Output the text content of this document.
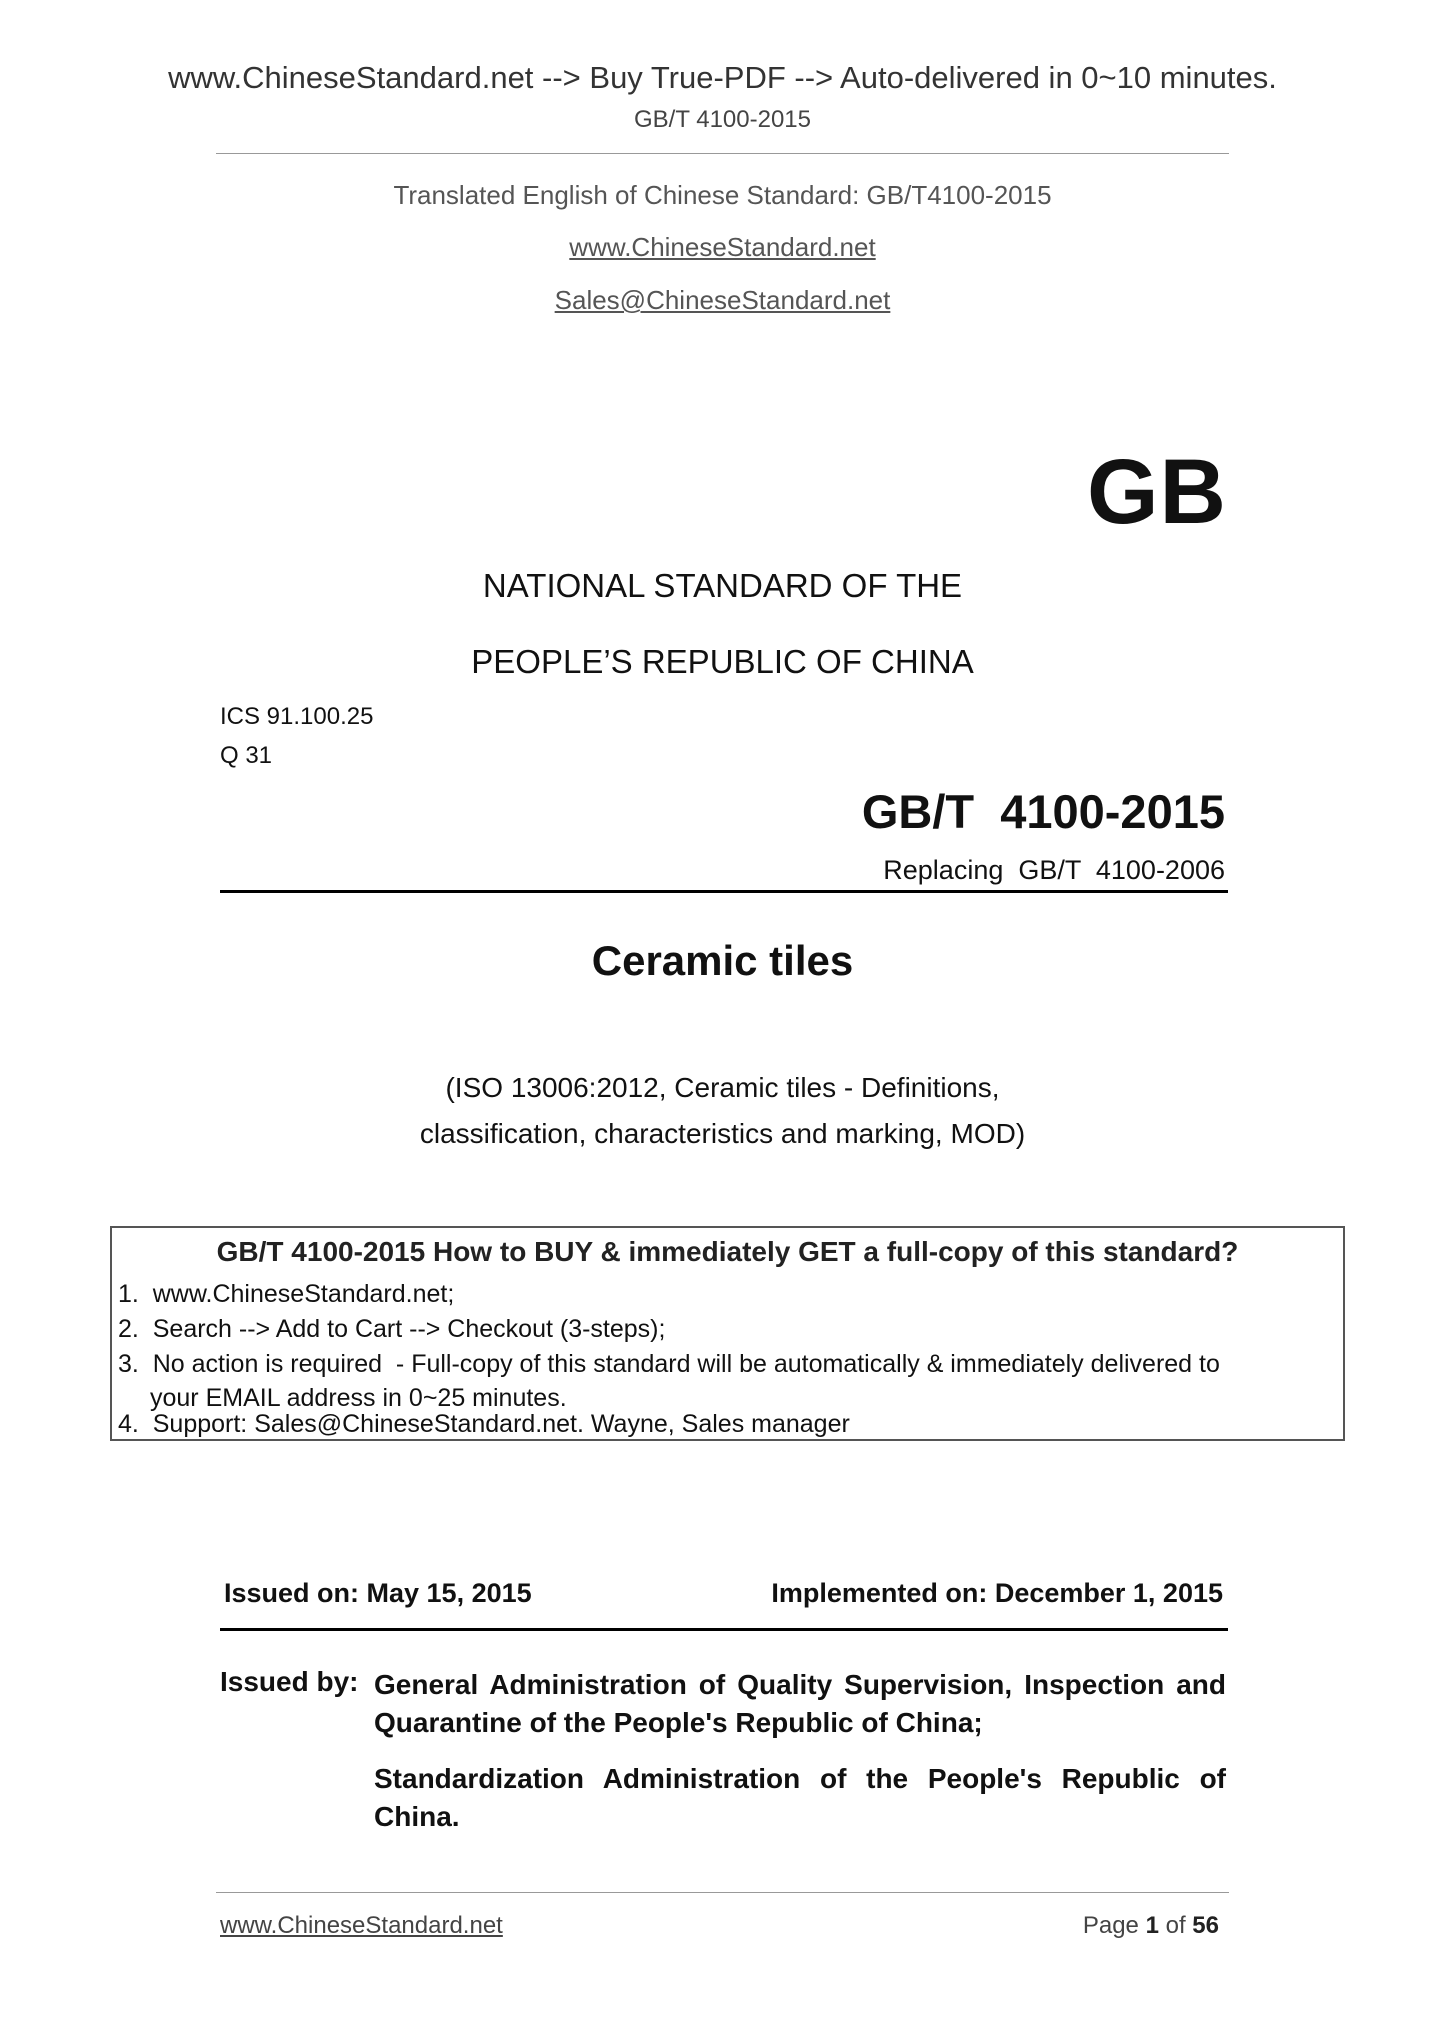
www.ChineseStandard.net --> Buy True-PDF --> Auto-delivered in 0~10 minutes.
GB/T 4100-2015
Translated English of Chinese Standard: GB/T4100-2015
www.ChineseStandard.net
Sales@ChineseStandard.net
GB
NATIONAL STANDARD OF THE
PEOPLE’S REPUBLIC OF CHINA
ICS 91.100.25
Q 31
GB/T  4100-2015
Replacing  GB/T  4100-2006
Ceramic tiles
(ISO 13006:2012, Ceramic tiles - Definitions,
classification, characteristics and marking, MOD)
GB/T 4100-2015 How to BUY & immediately GET a full-copy of this standard?
1.  www.ChineseStandard.net;
2.  Search --> Add to Cart --> Checkout (3-steps);
3.  No action is required  - Full-copy of this standard will be automatically & immediately delivered to
your EMAIL address in 0~25 minutes.
4.  Support: Sales@ChineseStandard.net. Wayne, Sales manager
Issued on: May 15, 2015	Implemented on: December 1, 2015
Issued by: General Administration of Quality Supervision, Inspection and Quarantine of the People's Republic of China;
Standardization Administration of the People's Republic of China.
www.ChineseStandard.net	Page 1 of 56
